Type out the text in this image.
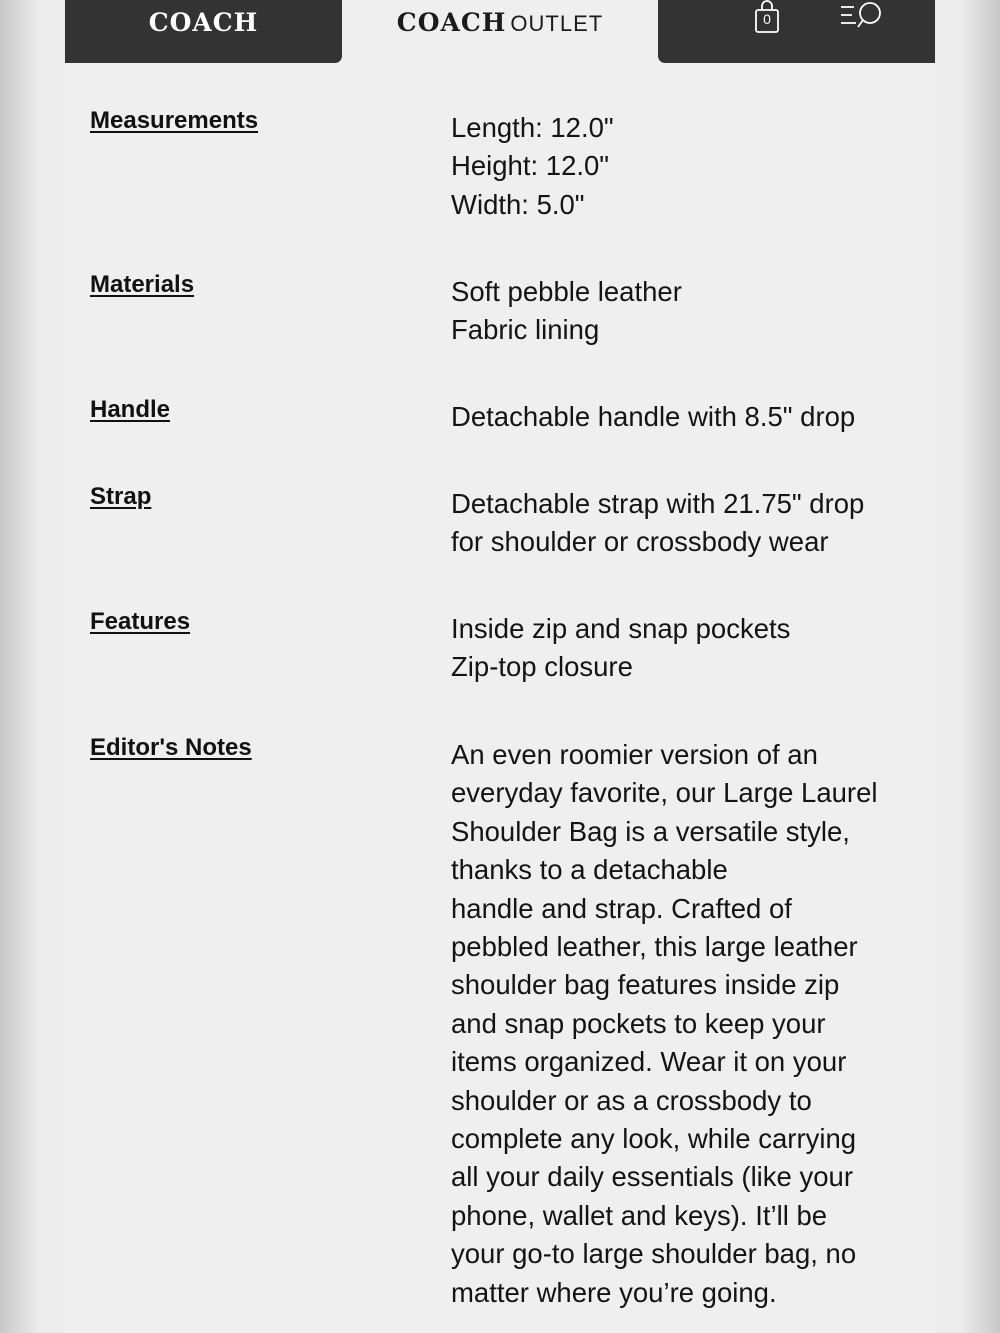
COACH	COACH OUTLET	0
Measurements	Length: 12.0"
Height: 12.0"
Width: 5.0"
Materials	Soft pebble leather
Fabric lining
Handle	Detachable handle with 8.5" drop
Strap	Detachable strap with 21.75" drop
for shoulder or crossbody wear
Features	Inside zip and snap pockets
Zip-top closure
Editor's Notes	An even roomier version of an
everyday favorite, our Large Laurel
Shoulder Bag is a versatile style,
thanks to a detachable
handle and strap. Crafted of
pebbled leather, this large leather
shoulder bag features inside zip
and snap pockets to keep your
items organized. Wear it on your
shoulder or as a crossbody to
complete any look, while carrying
all your daily essentials (like your
phone, wallet and keys). It’ll be
your go-to large shoulder bag, no
matter where you’re going.
